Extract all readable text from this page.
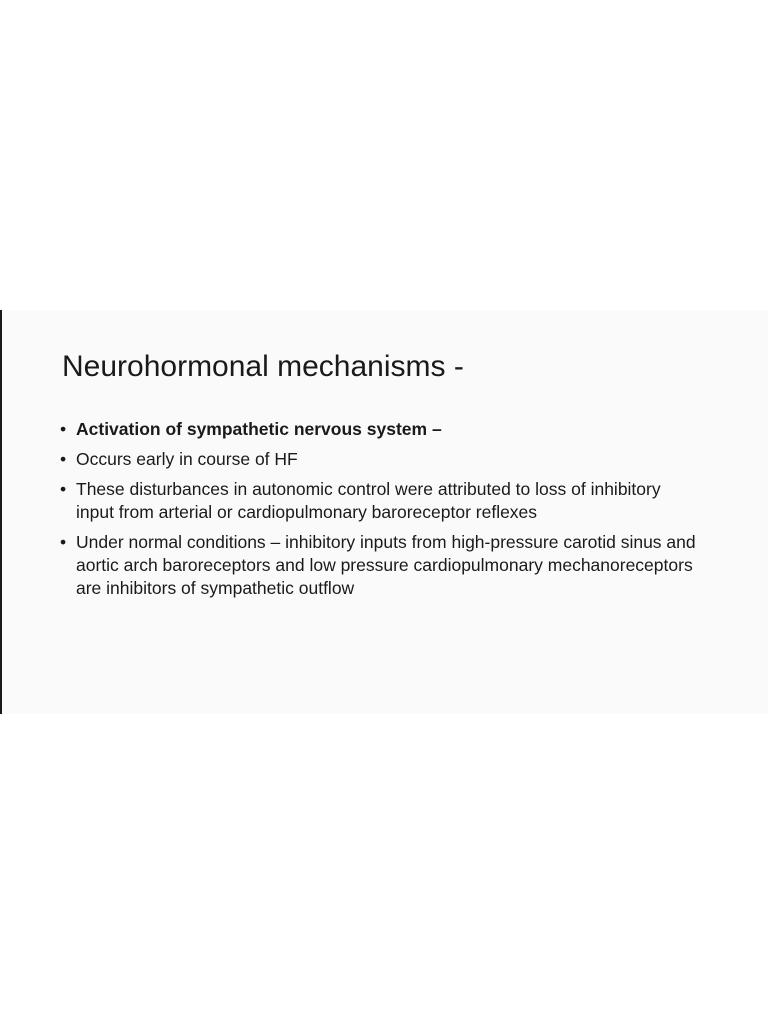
Neurohormonal mechanisms -
• Activation of sympathetic nervous system –
• Occurs early in course of HF
• These disturbances in autonomic control were attributed to loss of inhibitory input from arterial or cardiopulmonary baroreceptor reflexes
• Under normal conditions – inhibitory inputs from high-pressure carotid sinus and aortic arch baroreceptors and low pressure cardiopulmonary mechanoreceptors are inhibitors of sympathetic outflow
